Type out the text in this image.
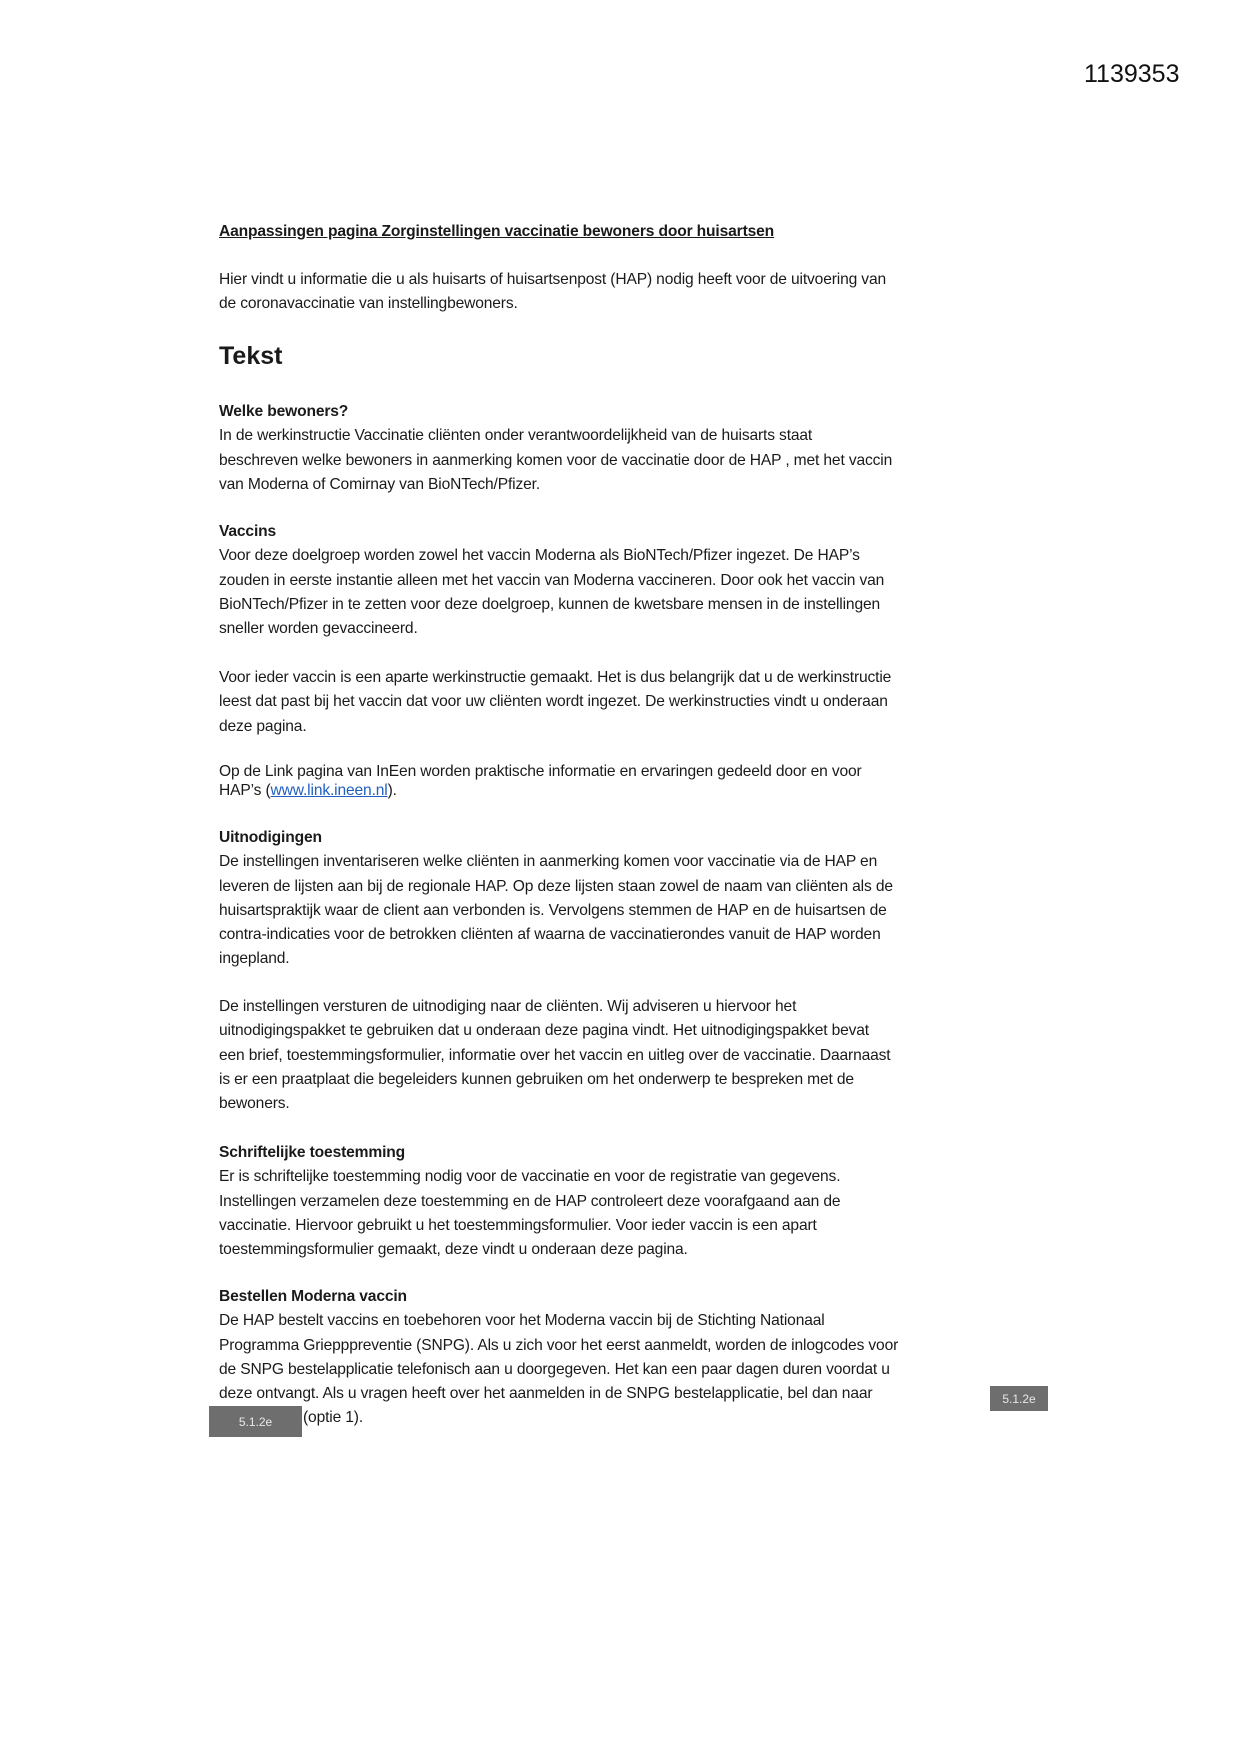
1139353
Aanpassingen pagina Zorginstellingen vaccinatie bewoners door huisartsen
Hier vindt u informatie die u als huisarts of huisartsenpost (HAP) nodig heeft voor de uitvoering van
de coronavaccinatie van instellingbewoners.
Tekst
Welke bewoners?
In de werkinstructie Vaccinatie cliënten onder verantwoordelijkheid van de huisarts staat
beschreven welke bewoners in aanmerking komen voor de vaccinatie door de HAP , met het vaccin
van Moderna of Comirnay van BioNTech/Pfizer.
Vaccins
Voor deze doelgroep worden zowel het vaccin Moderna als BioNTech/Pfizer ingezet. De HAP’s
zouden in eerste instantie alleen met het vaccin van Moderna vaccineren. Door ook het vaccin van
BioNTech/Pfizer in te zetten voor deze doelgroep, kunnen de kwetsbare mensen in de instellingen
sneller worden gevaccineerd.
Voor ieder vaccin is een aparte werkinstructie gemaakt. Het is dus belangrijk dat u de werkinstructie
leest dat past bij het vaccin dat voor uw cliënten wordt ingezet. De werkinstructies vindt u onderaan
deze pagina.
Op de Link pagina van InEen worden praktische informatie en ervaringen gedeeld door en voor
HAP’s (www.link.ineen.nl).
Uitnodigingen
De instellingen inventariseren welke cliënten in aanmerking komen voor vaccinatie via de HAP en
leveren de lijsten aan bij de regionale HAP. Op deze lijsten staan zowel de naam van cliënten als de
huisartspraktijk waar de client aan verbonden is. Vervolgens stemmen de HAP en de huisartsen de
contra-indicaties voor de betrokken cliënten af waarna de vaccinatierondes vanuit de HAP worden
ingepland.
De instellingen versturen de uitnodiging naar de cliënten. Wij adviseren u hiervoor het
uitnodigingspakket te gebruiken dat u onderaan deze pagina vindt. Het uitnodigingspakket bevat
een brief, toestemmingsformulier, informatie over het vaccin en uitleg over de vaccinatie. Daarnaast
is er een praatplaat die begeleiders kunnen gebruiken om het onderwerp te bespreken met de
bewoners.
Schriftelijke toestemming
Er is schriftelijke toestemming nodig voor de vaccinatie en voor de registratie van gegevens.
Instellingen verzamelen deze toestemming en de HAP controleert deze voorafgaand aan de
vaccinatie. Hiervoor gebruikt u het toestemmingsformulier. Voor ieder vaccin is een apart
toestemmingsformulier gemaakt, deze vindt u onderaan deze pagina.
Bestellen Moderna vaccin
De HAP bestelt vaccins en toebehoren voor het Moderna vaccin bij de Stichting Nationaal
Programma Griepppreventie (SNPG). Als u zich voor het eerst aanmeldt, worden de inlogcodes voor
de SNPG bestelapplicatie telefonisch aan u doorgegeven. Het kan een paar dagen duren voordat u
deze ontvangt. Als u vragen heeft over het aanmelden in de SNPG bestelapplicatie, bel dan naar
(optie 1).
5.1.2e
5.1.2e
